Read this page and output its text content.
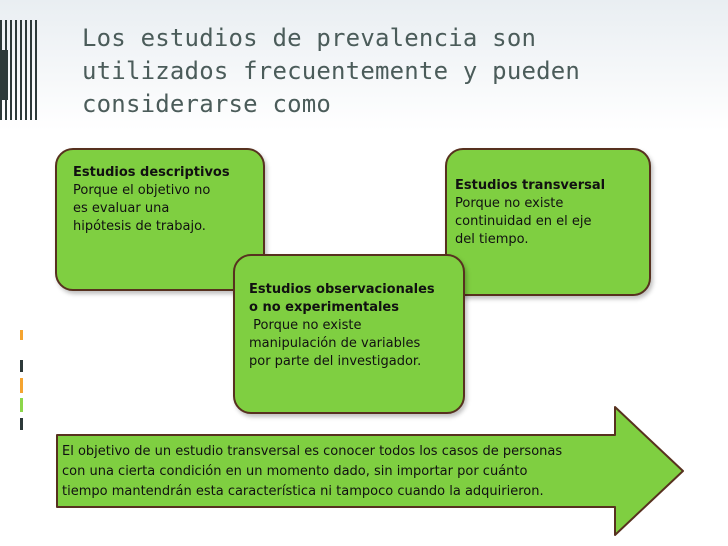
Los estudios de prevalencia son
utilizados frecuentemente y pueden
considerarse como
Estudios descriptivos
Porque el objetivo no
es evaluar una
hipótesis de trabajo.
Estudios transversal
Porque no existe
continuidad en el eje
del tiempo.
Estudios observacionales
o no experimentales
Porque no existe
manipulación de variables
por parte del investigador.
El objetivo de un estudio transversal es conocer todos los casos de personas
con una cierta condición en un momento dado, sin importar por cuánto
tiempo mantendrán esta característica ni tampoco cuando la adquirieron.
